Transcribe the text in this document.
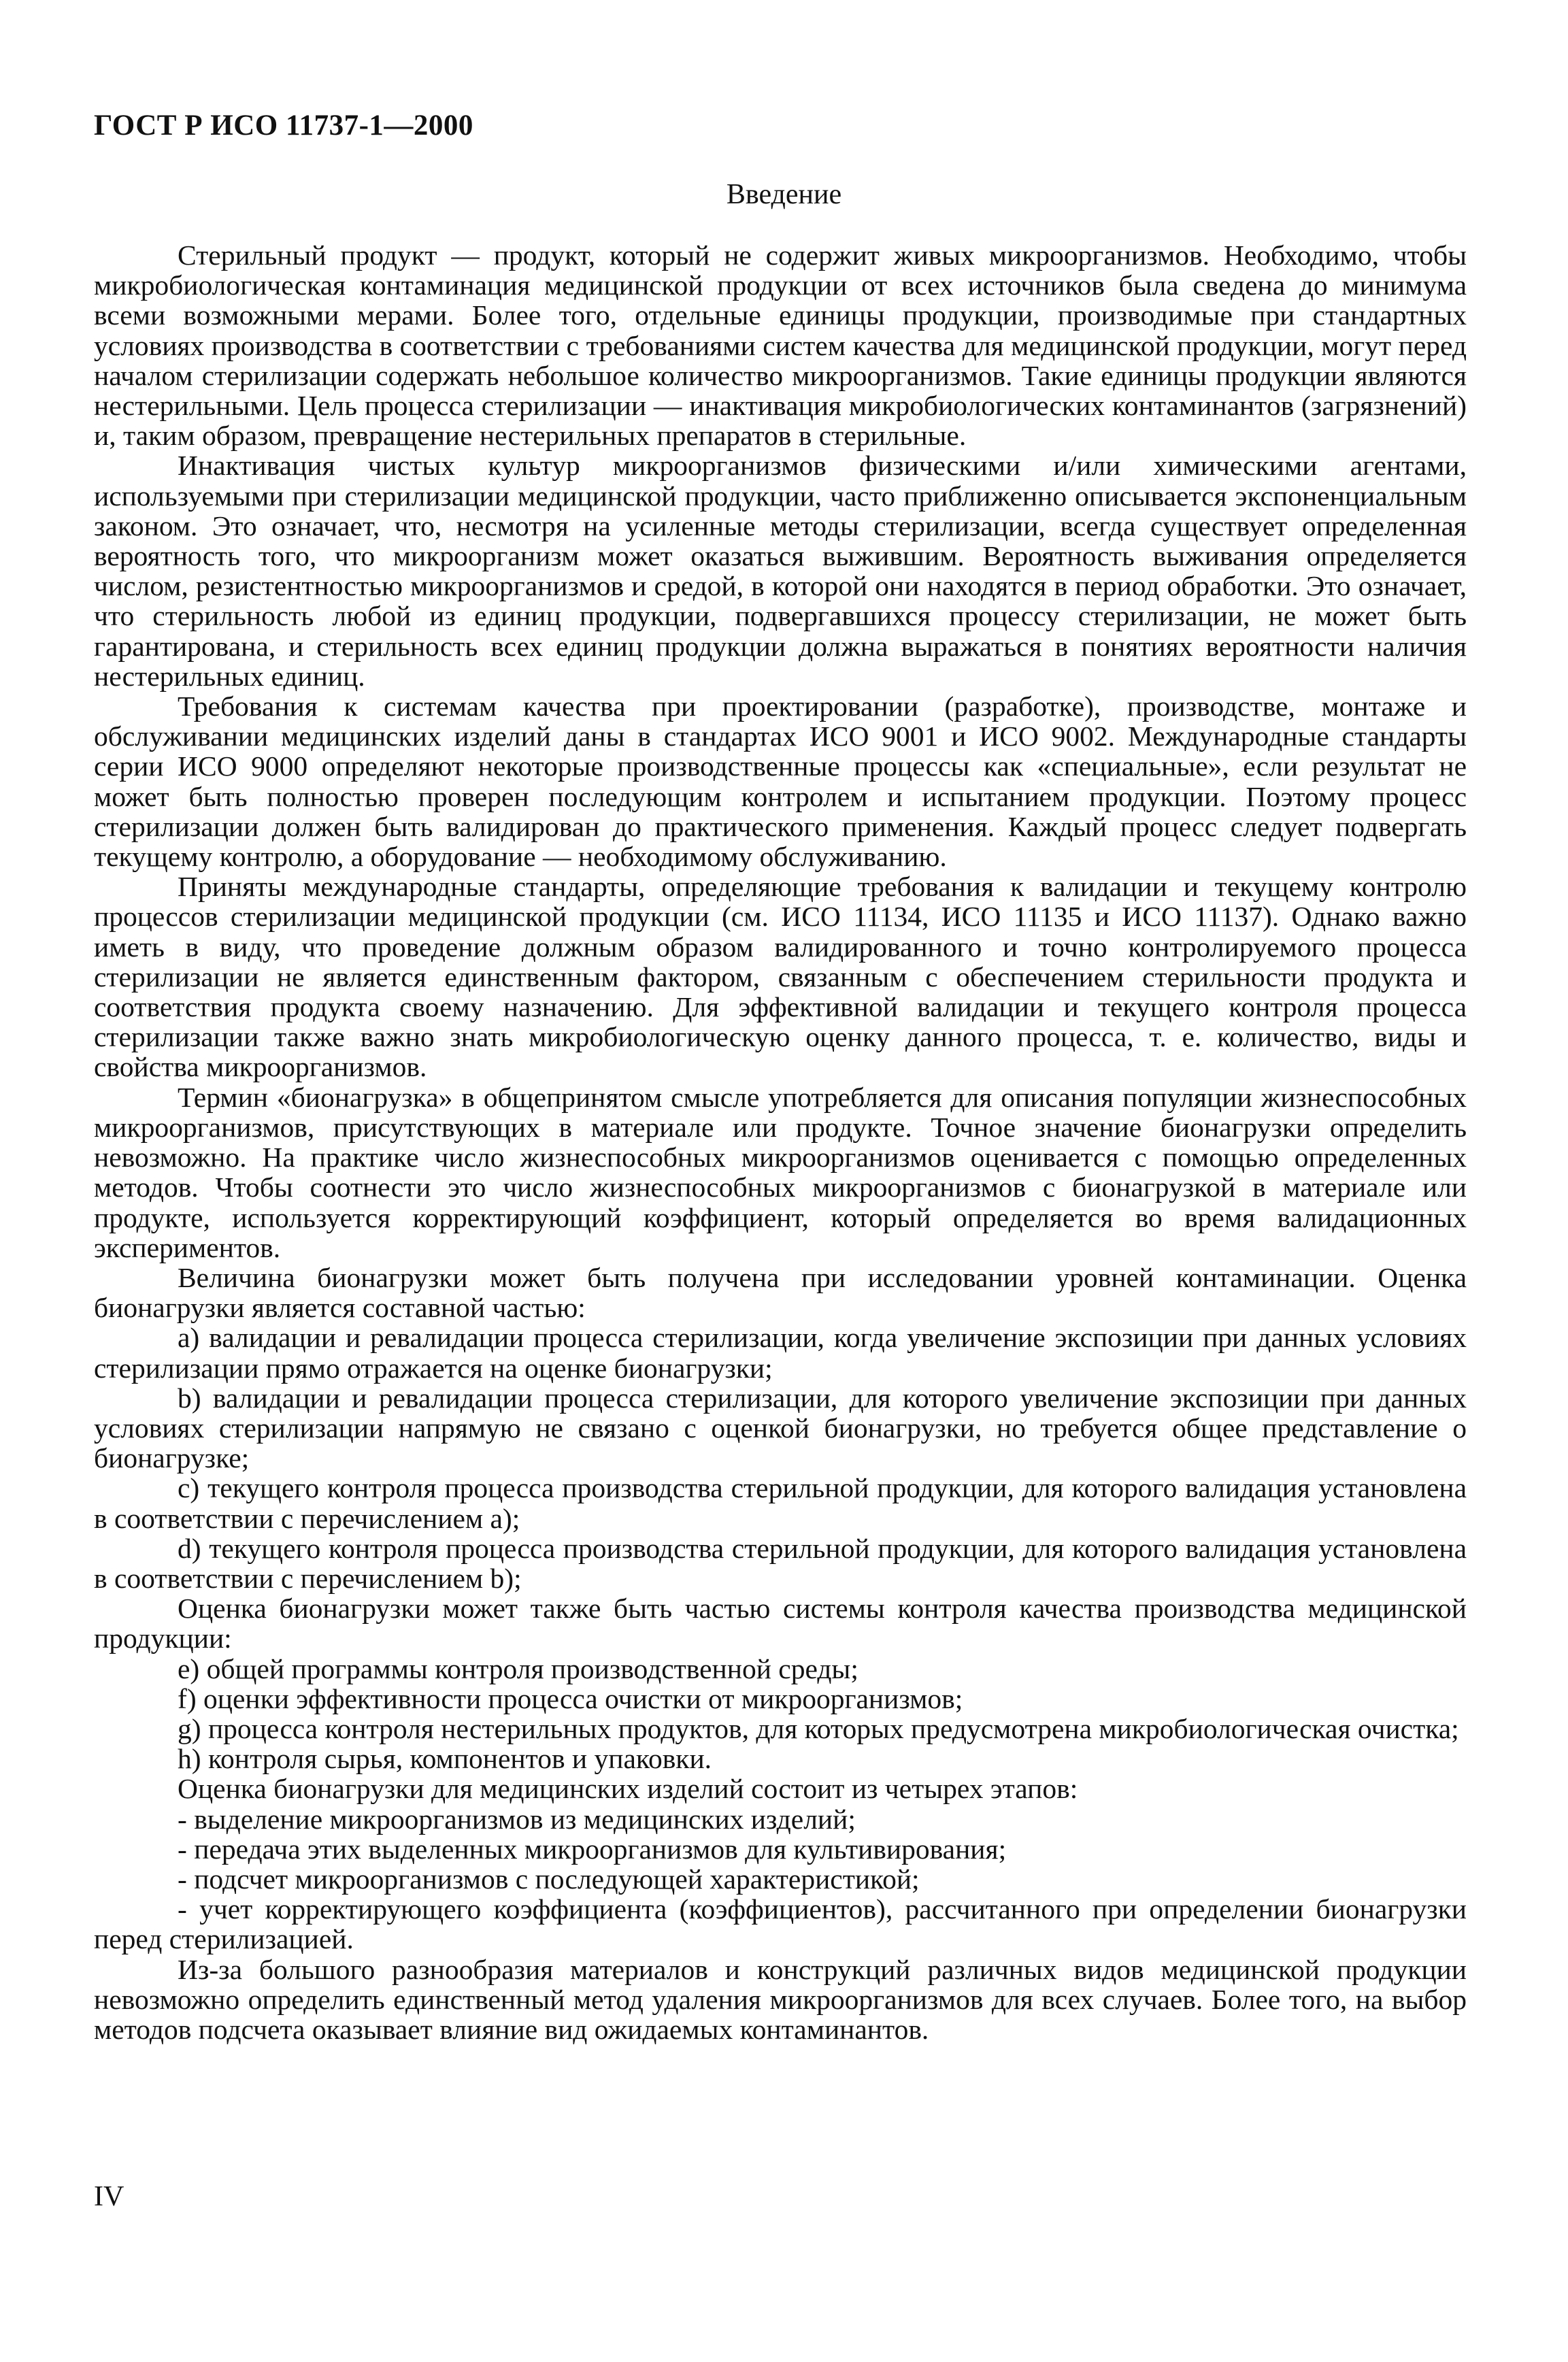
ГОСТ Р ИСО 11737-1—2000
Введение

Стерильный продукт — продукт, который не содержит живых микроорганизмов. Необходимо, чтобы микробиологическая контаминация медицинской продукции от всех источников была сведена до минимума всеми возможными мерами. Более того, отдельные единицы продукции, производимые при стандартных условиях производства в соответствии с требованиями систем качества для медицинской продукции, могут перед началом стерилизации содержать небольшое количество микроорганизмов. Такие единицы продукции являются нестерильными. Цель процесса стерилизации — инактивация микробиологических контаминантов (загрязнений) и, таким образом, превращение нестерильных препаратов в стерильные.

Инактивация чистых культур микроорганизмов физическими и/или химическими агентами, используемыми при стерилизации медицинской продукции, часто приближенно описывается экспоненциальным законом. Это означает, что, несмотря на усиленные методы стерилизации, всегда существует определенная вероятность того, что микроорганизм может оказаться выжившим. Вероятность выживания определяется числом, резистентностью микроорганизмов и средой, в которой они находятся в период обработки. Это означает, что стерильность любой из единиц продукции, подвергавшихся процессу стерилизации, не может быть гарантирована, и стерильность всех единиц продукции должна выражаться в понятиях вероятности наличия нестерильных единиц.

Требования к системам качества при проектировании (разработке), производстве, монтаже и обслуживании медицинских изделий даны в стандартах ИСО 9001 и ИСО 9002. Международные стандарты серии ИСО 9000 определяют некоторые производственные процессы как «специальные», если результат не может быть полностью проверен последующим контролем и испытанием продукции. Поэтому процесс стерилизации должен быть валидирован до практического применения. Каждый процесс следует подвергать текущему контролю, а оборудование — необходимому обслуживанию.

Приняты международные стандарты, определяющие требования к валидации и текущему контролю процессов стерилизации медицинской продукции (см. ИСО 11134, ИСО 11135 и ИСО 11137). Однако важно иметь в виду, что проведение должным образом валидированного и точно контролируемого процесса стерилизации не является единственным фактором, связанным с обеспечением стерильности продукта и соответствия продукта своему назначению. Для эффективной валидации и текущего контроля процесса стерилизации также важно знать микробиологическую оценку данного процесса, т. е. количество, виды и свойства микроорганизмов.

Термин «бионагрузка» в общепринятом смысле употребляется для описания популяции жизнеспособных микроорганизмов, присутствующих в материале или продукте. Точное значение бионагрузки определить невозможно. На практике число жизнеспособных микроорганизмов оценивается с помощью определенных методов. Чтобы соотнести это число жизнеспособных микроорганизмов с бионагрузкой в материале или продукте, используется корректирующий коэффициент, который определяется во время валидационных экспериментов.

Величина бионагрузки может быть получена при исследовании уровней контаминации. Оценка бионагрузки является составной частью:

а) валидации и ревалидации процесса стерилизации, когда увеличение экспозиции при данных условиях стерилизации прямо отражается на оценке бионагрузки;

b) валидации и ревалидации процесса стерилизации, для которого увеличение экспозиции при данных условиях стерилизации напрямую не связано с оценкой бионагрузки, но требуется общее представление о бионагрузке;

с) текущего контроля процесса производства стерильной продукции, для которого валидация установлена в соответствии с перечислением а);

d) текущего контроля процесса производства стерильной продукции, для которого валидация установлена в соответствии с перечислением b);

Оценка бионагрузки может также быть частью системы контроля качества производства медицинской продукции:

е) общей программы контроля производственной среды;

f) оценки эффективности процесса очистки от микроорганизмов;

g) процесса контроля нестерильных продуктов, для которых предусмотрена микробиологическая очистка;

h) контроля сырья, компонентов и упаковки.

Оценка бионагрузки для медицинских изделий состоит из четырех этапов:

- выделение микроорганизмов из медицинских изделий;

- передача этих выделенных микроорганизмов для культивирования;

- подсчет микроорганизмов с последующей характеристикой;

- учет корректирующего коэффициента (коэффициентов), рассчитанного при определении бионагрузки перед стерилизацией.

Из-за большого разнообразия материалов и конструкций различных видов медицинской продукции невозможно определить единственный метод удаления микроорганизмов для всех случаев. Более того, на выбор методов подсчета оказывает влияние вид ожидаемых контаминантов.

IV
